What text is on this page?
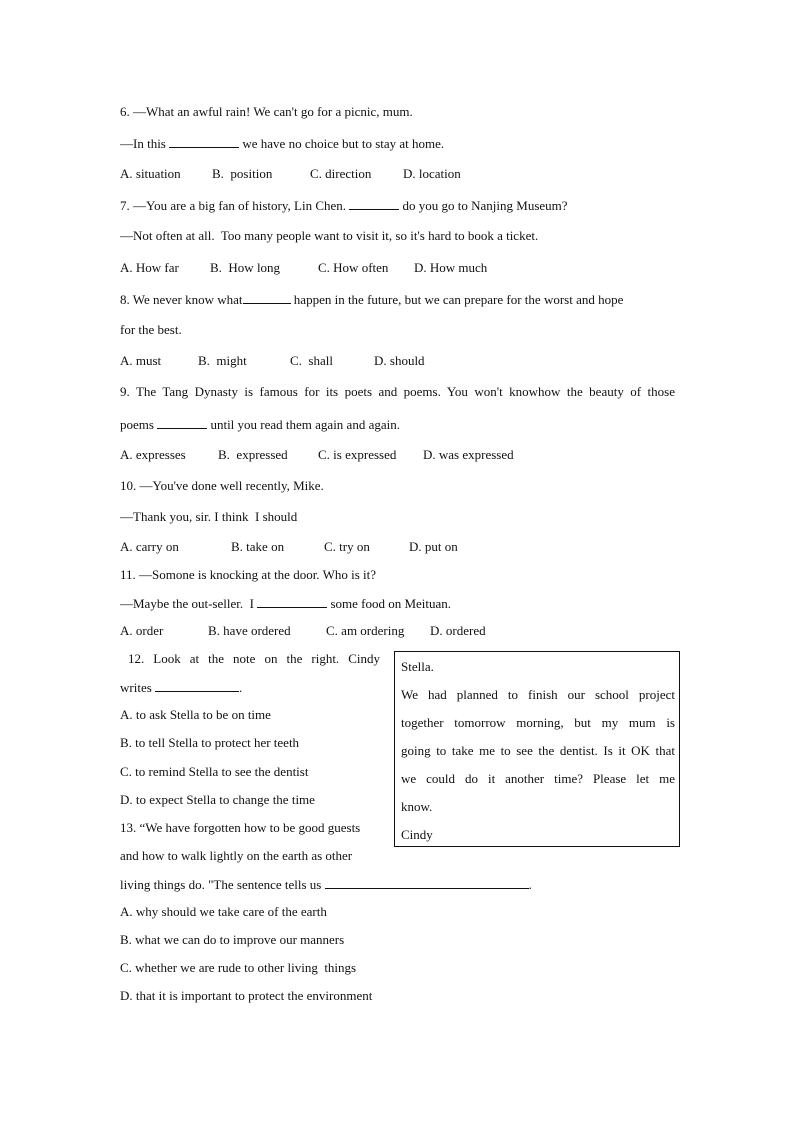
6. —What an awful rain! We can't go for a picnic, mum.
—In this	we have no choice but to stay at home.
A. situation B.  position	C. direction D. location
7. —You are a big fan of history, Lin Chen.	do you go to Nanjing Museum?
—Not often at all.  Too many people want to visit it, so it's hard to book a ticket.
A. How far B.  How long	C. How often D. How much
8. We never know what	happen in the future, but we can prepare for the worst and hope
for the best.
A. must	B.  might	C.  shall	D. should
9. The Tang Dynasty is famous for its poets and poems. You won't knowhow the beauty of those
poems	until you read them again and again.
A. expresses B.  expressed C. is expressed D. was expressed
10. —You've done well recently, Mike.
—Thank you, sir. I think  I should
A. carry on	B. take on	C. try on	D. put on
11. —Somone is knocking at the door. Who is it?
—Maybe the out-seller.  I	some food on Meituan.
A. order	B. have ordered	C. am ordering D. ordered
12. Look at the note on the right. Cindy
writes	.
A. to ask Stella to be on time
B. to tell Stella to protect her teeth
C. to remind Stella to see the dentist
D. to expect Stella to change the time
Stella.
We had planned to finish our school project
together tomorrow morning, but my mum is
going to take me to see the dentist. Is it OK that
we could do it another time? Please let me
know.
Cindy
13. “We have forgotten how to be good guests
and how to walk lightly on the earth as other
living things do. "The sentence tells us	.
A. why should we take care of the earth
B. what we can do to improve our manners
C. whether we are rude to other living  things
D. that it is important to protect the environment
